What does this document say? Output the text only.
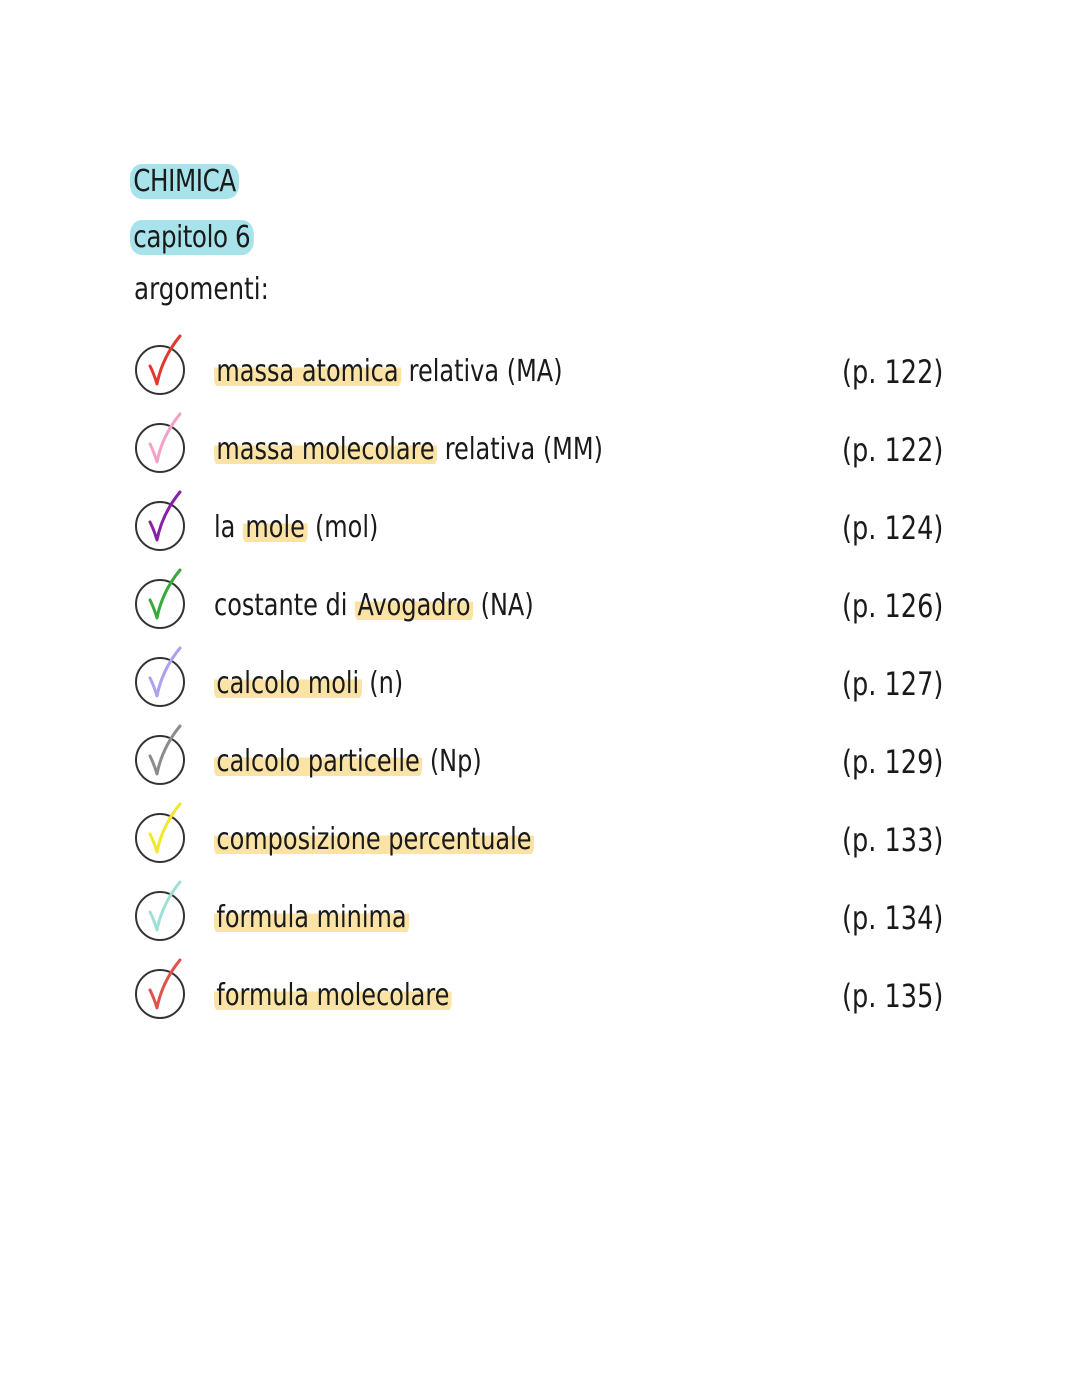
CHIMICA
capitolo 6
argomenti:
massa atomica relativa (MA)	(p. 122)
massa molecolare relativa (MM)	(p. 122)
la mole (mol)	(p. 124)
costante di Avogadro (NA)	(p. 126)
calcolo moli (n)	(p. 127)
calcolo particelle (Np)	(p. 129)
composizione percentuale	(p. 133)
formula minima	(p. 134)
formula molecolare	(p. 135)
